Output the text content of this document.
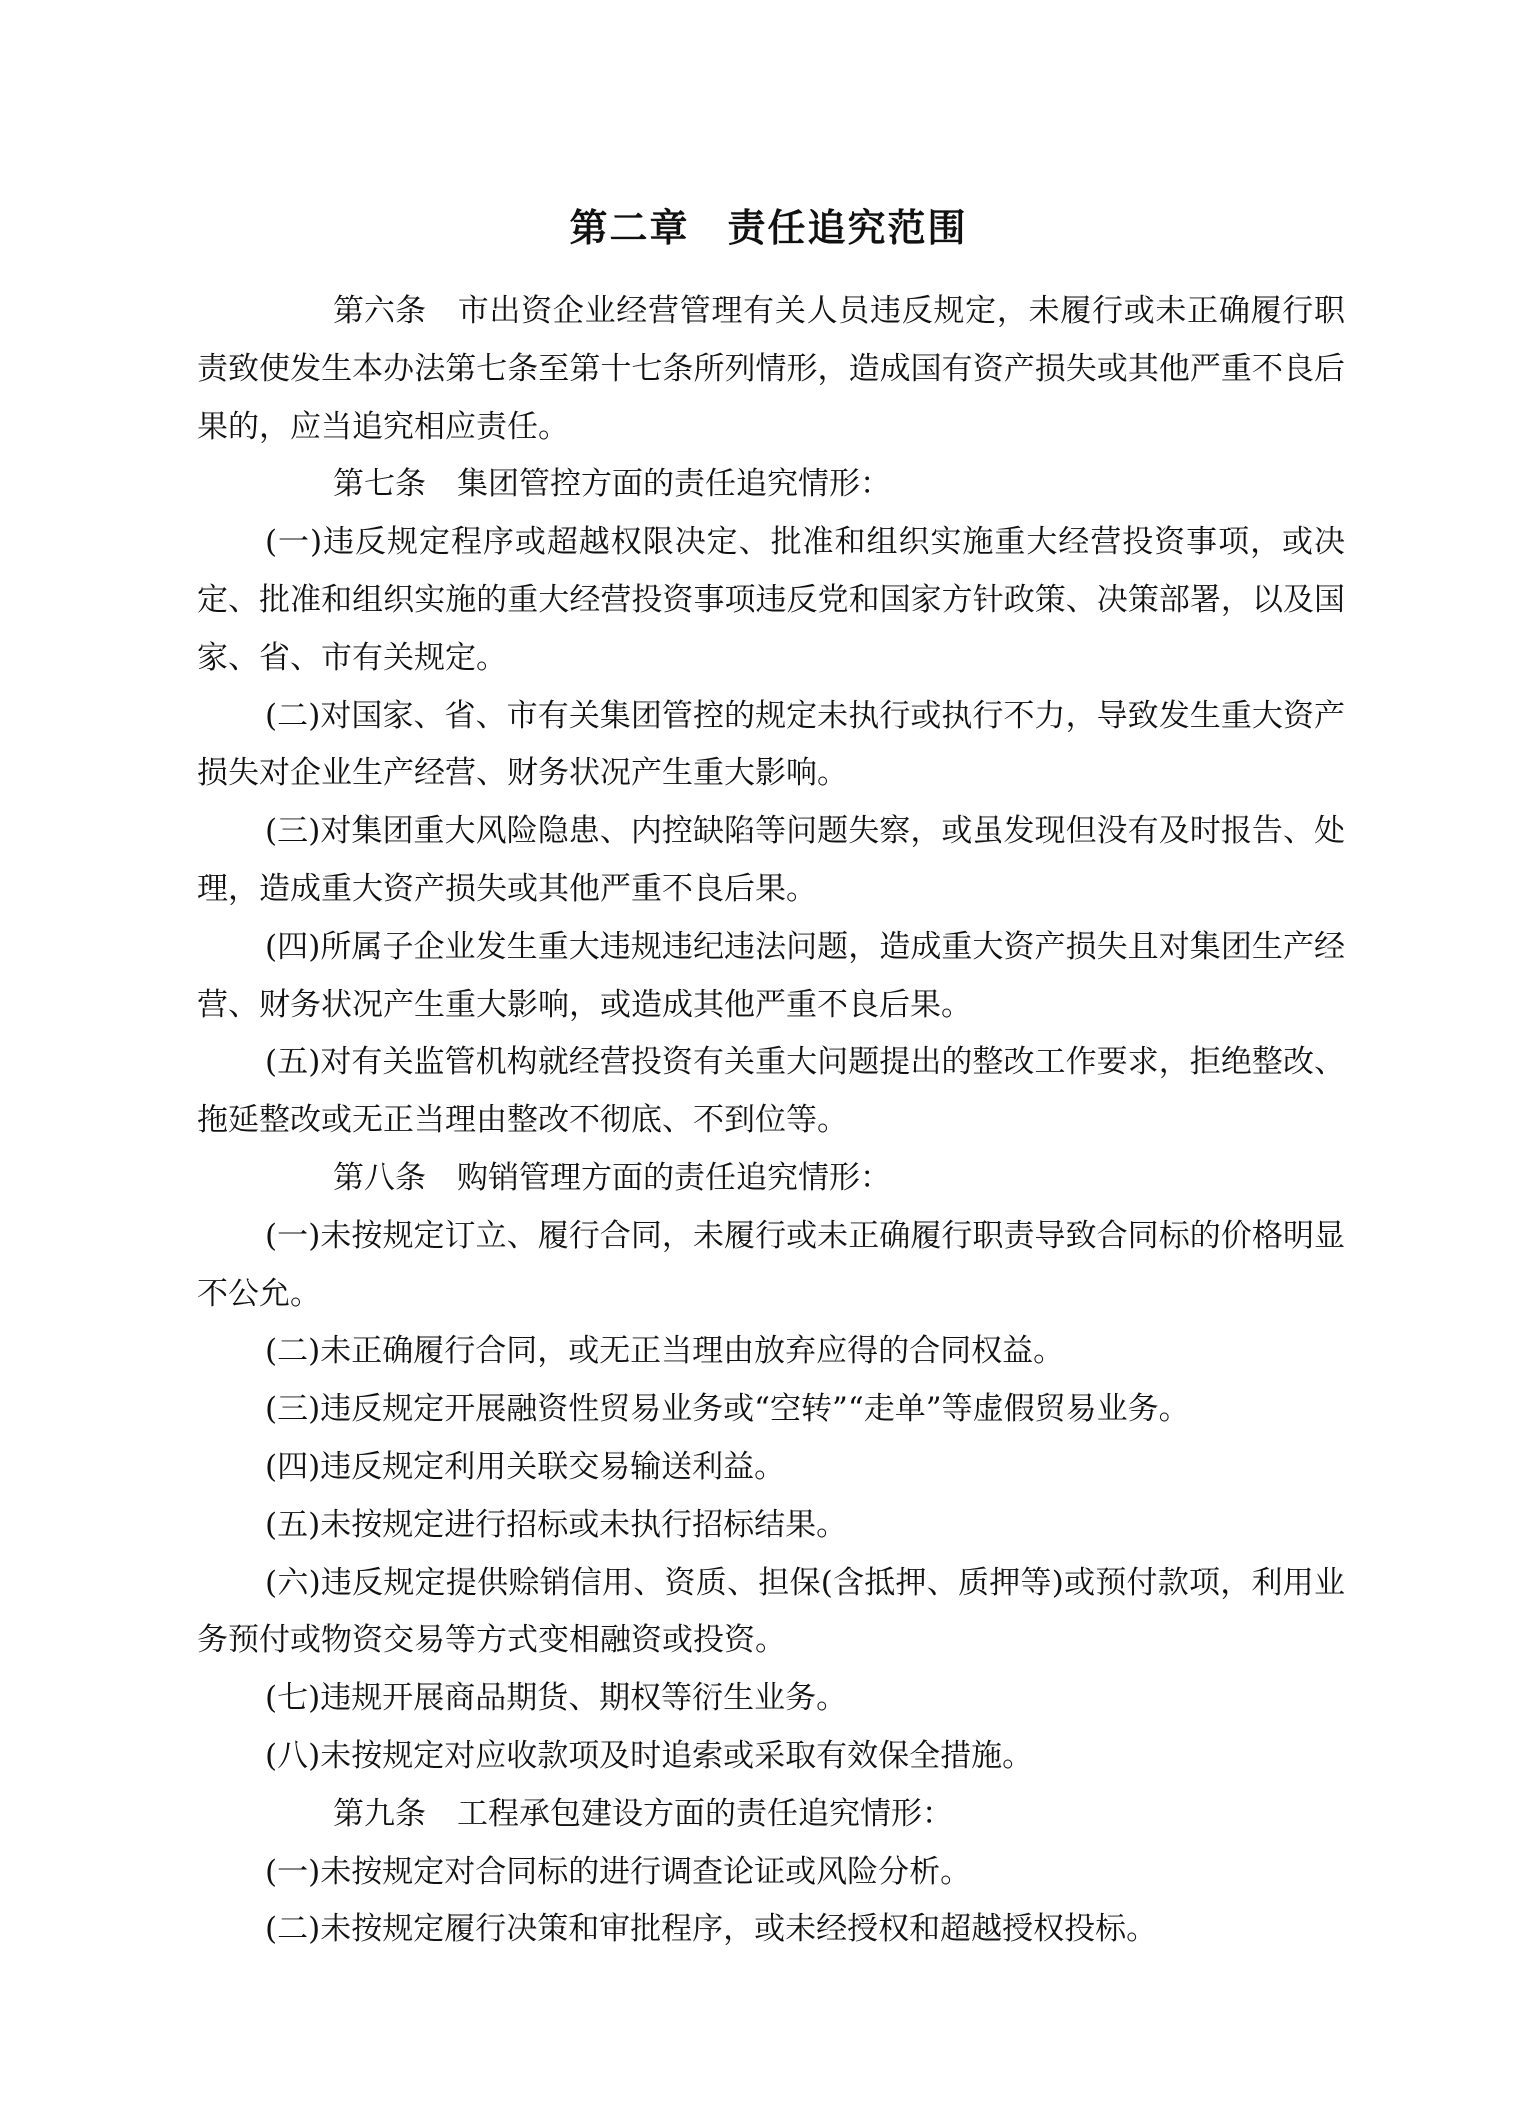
第二章 责任追究范围

第六条 市出资企业经营管理有关人员违反规定，未履行或未正确履行职责致使发生本办法第七条至第十七条所列情形，造成国有资产损失或其他严重不良后果的，应当追究相应责任。

第七条 集团管控方面的责任追究情形：

(一)违反规定程序或超越权限决定、批准和组织实施重大经营投资事项，或决定、批准和组织实施的重大经营投资事项违反党和国家方针政策、决策部署，以及国家、省、市有关规定。

(二)对国家、省、市有关集团管控的规定未执行或执行不力，导致发生重大资产损失对企业生产经营、财务状况产生重大影响。

(三)对集团重大风险隐患、内控缺陷等问题失察，或虽发现但没有及时报告、处理，造成重大资产损失或其他严重不良后果。

(四)所属子企业发生重大违规违纪违法问题，造成重大资产损失且对集团生产经营、财务状况产生重大影响，或造成其他严重不良后果。

(五)对有关监管机构就经营投资有关重大问题提出的整改工作要求，拒绝整改、拖延整改或无正当理由整改不彻底、不到位等。

第八条 购销管理方面的责任追究情形：

(一)未按规定订立、履行合同，未履行或未正确履行职责导致合同标的价格明显不公允。

(二)未正确履行合同，或无正当理由放弃应得的合同权益。

(三)违反规定开展融资性贸易业务或“空转”“走单”等虚假贸易业务。

(四)违反规定利用关联交易输送利益。

(五)未按规定进行招标或未执行招标结果。

(六)违反规定提供赊销信用、资质、担保(含抵押、质押等)或预付款项，利用业务预付或物资交易等方式变相融资或投资。

(七)违规开展商品期货、期权等衍生业务。

(八)未按规定对应收款项及时追索或采取有效保全措施。

第九条 工程承包建设方面的责任追究情形：

(一)未按规定对合同标的进行调查论证或风险分析。

(二)未按规定履行决策和审批程序，或未经授权和超越授权投标。
